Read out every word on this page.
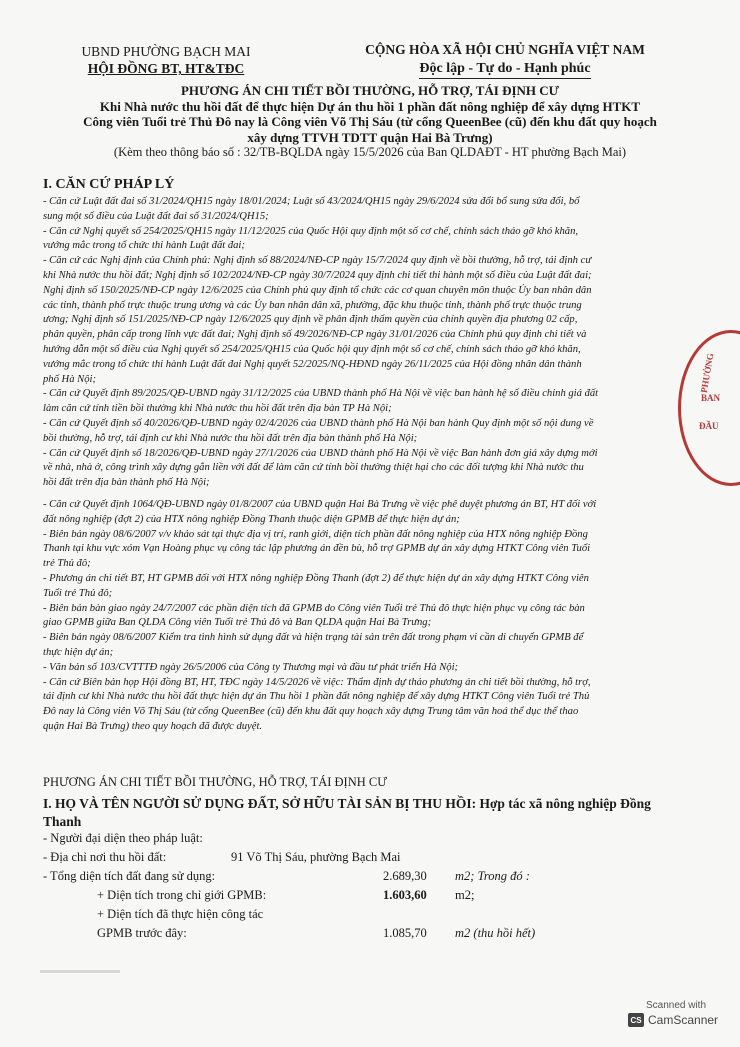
UBND PHƯỜNG BẠCH MAI
HỘI ĐỒNG BT, HT&TĐC
CỘNG HÒA XÃ HỘI CHỦ NGHĨA VIỆT NAM
Độc lập - Tự do - Hạnh phúc
PHƯƠNG ÁN CHI TIẾT BỒI THƯỜNG, HỖ TRỢ, TÁI ĐỊNH CƯ
Khi Nhà nước thu hồi đất để thực hiện Dự án thu hồi 1 phần đất nông nghiệp để xây dựng HTKT
Công viên Tuổi trẻ Thủ Đô nay là Công viên Võ Thị Sáu (từ cổng QueenBee (cũ) đến khu đất quy hoạch
xây dựng TTVH TDTT quận Hai Bà Trưng)
(Kèm theo thông báo số : 32/TB-BQLDA ngày 15/5/2026 của Ban QLDAĐT - HT phường Bạch Mai)
I. CĂN CỨ PHÁP LÝ

- Căn cứ Luật đất đai số 31/2024/QH15 ngày 18/01/2024; Luật số 43/2024/QH15 ngày 29/6/2024 sửa đổi bổ sung sửa đổi, bổ

sung một số điều của Luật đất đai số 31/2024/QH15;

- Căn cứ Nghị quyết số 254/2025/QH15 ngày 11/12/2025 của Quốc Hội quy định một số cơ chế, chính sách tháo gỡ khó khăn,

vướng mắc trong tổ chức thi hành Luật đất đai;

- Căn cứ các Nghị định của Chính phủ: Nghị định số 88/2024/NĐ-CP ngày 15/7/2024 quy định về bồi thường, hỗ trợ, tái định cư

khi Nhà nước thu hồi đất; Nghị định số 102/2024/NĐ-CP ngày 30/7/2024 quy định chi tiết thi hành một số điều của Luật đất đai;

Nghị định số 150/2025/NĐ-CP ngày 12/6/2025 của Chính phủ quy định tổ chức các cơ quan chuyên môn thuộc Ủy ban nhân dân

các tỉnh, thành phố trực thuộc trung ương và các Ủy ban nhân dân xã, phường, đặc khu thuộc tỉnh, thành phố trực thuộc trung

ương; Nghị định số 151/2025/NĐ-CP ngày 12/6/2025 quy định về phân định thẩm quyền của chính quyền địa phương 02 cấp,

phân quyền, phân cấp trong lĩnh vực đất đai; Nghị định số 49/2026/NĐ-CP ngày 31/01/2026 của Chính phủ quy định chi tiết và

hướng dẫn một số điều của Nghị quyết số 254/2025/QH15 của Quốc hội quy định một số cơ chế, chính sách tháo gỡ khó khăn,

vướng mắc trong tổ chức thi hành Luật đất đai Nghị quyết 52/2025/NQ-HĐND ngày 26/11/2025 của Hội đồng nhân dân thành

phố Hà Nội;

- Căn cứ Quyết định 89/2025/QĐ-UBND ngày 31/12/2025 của UBND thành phố Hà Nội về việc ban hành hệ số điều chỉnh giá đất

làm căn cứ tính tiền bồi thường khi Nhà nước thu hồi đất trên địa bàn TP Hà Nội;

- Căn cứ Quyết định số 40/2026/QĐ-UBND ngày 02/4/2026 của UBND thành phố Hà Nội ban hành Quy định một số nội dung về

bồi thường, hỗ trợ, tái định cư khi Nhà nước thu hồi đất trên địa bàn thành phố Hà Nội;

- Căn cứ Quyết định số 18/2026/QĐ-UBND ngày 27/1/2026 của UBND thành phố Hà Nội về việc Ban hành đơn giá xây dựng mới

về nhà, nhà ở, công trình xây dựng gắn liền với đất để làm căn cứ tính bồi thường thiệt hại cho các đối tượng khi Nhà nước thu

hồi đất trên địa bàn thành phố Hà Nội;

- Căn cứ Quyết định 1064/QĐ-UBND ngày 01/8/2007 của UBND quận Hai Bà Trưng về việc phê duyệt phương án BT, HT đối với

đất nông nghiệp (đợt 2) của HTX nông nghiệp Đồng Thanh thuộc diện GPMB để thực hiện dự án;

- Biên bản ngày 08/6/2007 v/v khảo sát tại thực địa vị trí, ranh giới, diện tích phần đất nông nghiệp của HTX nông nghiệp Đồng

Thanh tại khu vực xóm Vạn Hoàng phục vụ công tác lập phương án đền bù, hỗ trợ GPMB dự án xây dựng HTKT Công viên Tuổi

trẻ Thủ đô;

- Phương án chi tiết BT, HT GPMB đối với HTX nông nghiệp Đồng Thanh (đợt 2) để thực hiện dự án xây dựng HTKT Công viên

Tuổi trẻ Thủ đô;

- Biên bản bàn giao ngày 24/7/2007 các phần diện tích đã GPMB do Công viên Tuổi trẻ Thủ đô thực hiện phục vụ công tác bàn

giao GPMB giữa Ban QLDA Công viên Tuổi trẻ Thủ đô và Ban QLDA quận Hai Bà Trưng;

- Biên bản ngày 08/6/2007 Kiểm tra tình hình sử dụng đất và hiện trạng tài sản trên đất trong phạm vi cần di chuyển GPMB để

thực hiện dự án;

- Văn bản số 103/CVTTTĐ ngày 26/5/2006 của Công ty Thương mại và đầu tư phát triển Hà Nội;

- Căn cứ Biên bản họp Hội đồng BT, HT, TĐC ngày 14/5/2026 về việc: Thẩm định dự thảo phương án chi tiết bồi thường, hỗ trợ,

tái định cư khi Nhà nước thu hồi đất thực hiện dự án Thu hồi 1 phần đất nông nghiệp để xây dựng HTKT Công viên Tuổi trẻ Thủ

Đô nay là Công viên Võ Thị Sáu (từ cổng QueenBee (cũ) đến khu đất quy hoạch xây dựng Trung tâm văn hoá thể dục thể thao

quận Hai Bà Trưng) theo quy hoạch đã được duyệt.

PHƯƠNG ÁN CHI TIẾT BỒI THƯỜNG, HỖ TRỢ, TÁI ĐỊNH CƯ
I. HỌ VÀ TÊN NGƯỜI SỬ DỤNG ĐẤT, SỞ HỮU TÀI SẢN BỊ THU HỒI: Hợp tác xã nông nghiệp Đồng
Thanh
- Người đại diện theo pháp luật:
- Địa chỉ nơi thu hồi đất:	91 Võ Thị Sáu, phường Bạch Mai
- Tổng diện tích đất đang sử dụng:	2.689,30 m2; Trong đó :
+ Diện tích trong chỉ giới GPMB:	1.603,60 m2;
+ Diện tích đã thực hiện công tác
GPMB trước đây:	1.085,70 m2 (thu hồi hết)
PHƯỜNG
BAN
ĐẦU
Scanned with
CS CamScanner
